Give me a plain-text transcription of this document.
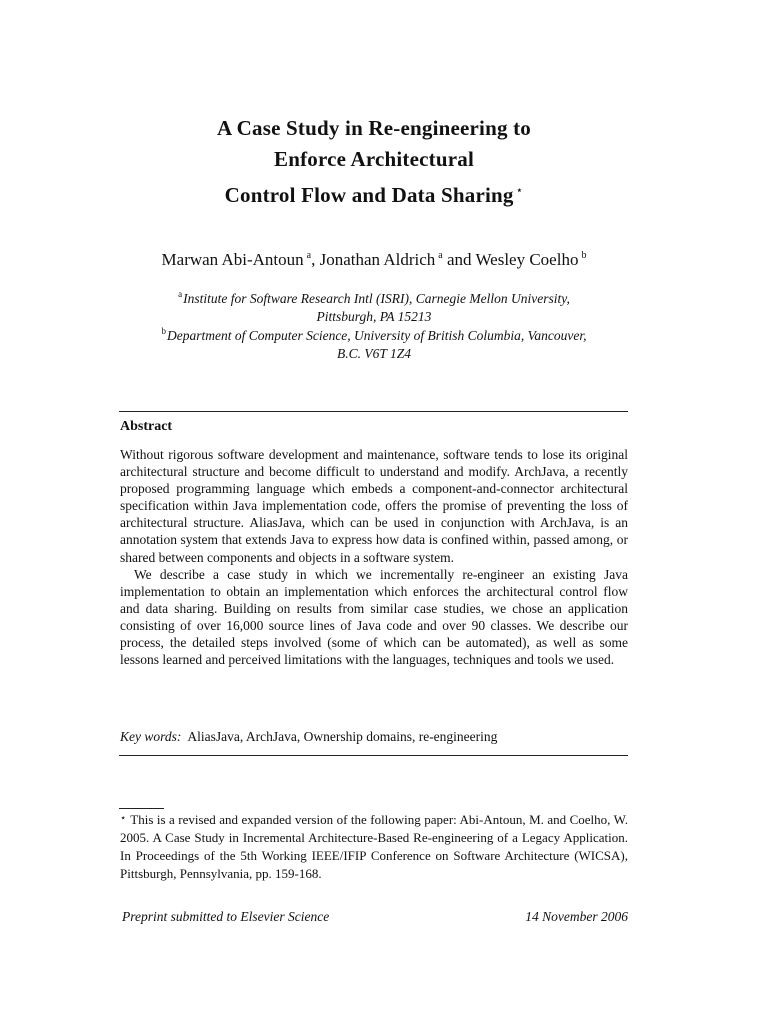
A Case Study in Re-engineering to
Enforce Architectural
Control Flow and Data Sharing ⋆
Marwan Abi-Antoun $^a$, Jonathan Aldrich $^a$ and Wesley Coelho $^b$
$^a$Institute for Software Research Intl (ISRI), Carnegie Mellon University,
Pittsburgh, PA 15213
$^b$Department of Computer Science, University of British Columbia, Vancouver,
B.C. V6T 1Z4
Abstract

Without rigorous software development and maintenance, software tends to lose its original architectural structure and become difficult to understand and modify. ArchJava, a recently proposed programming language which embeds a component-and-connector architectural specification within Java implementation code, offers the promise of preventing the loss of architectural structure. AliasJava, which can be used in conjunction with ArchJava, is an annotation system that extends Java to express how data is confined within, passed among, or shared between components and objects in a software system.

We describe a case study in which we incrementally re-engineer an existing Java implementation to obtain an implementation which enforces the architectural control flow and data sharing. Building on results from similar case studies, we chose an application consisting of over 16,000 source lines of Java code and over 90 classes. We describe our process, the detailed steps involved (some of which can be automated), as well as some lessons learned and perceived limitations with the languages, techniques and tools we used.

Key words: AliasJava, ArchJava, Ownership domains, re-engineering
⋆ This is a revised and expanded version of the following paper: Abi-Antoun, M. and Coelho, W. 2005. A Case Study in Incremental Architecture-Based Re-engineering of a Legacy Application. In Proceedings of the 5th Working IEEE/IFIP Conference on Software Architecture (WICSA), Pittsburgh, Pennsylvania, pp. 159-168.
Preprint submitted to Elsevier Science	14 November 2006
